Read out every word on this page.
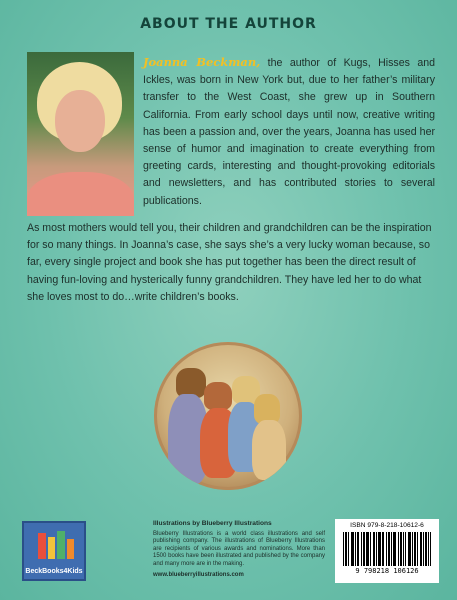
ABOUT THE AUTHOR

Joanna Beckman, the author of Kugs, Hisses and Ickles, was born in New York but, due to her father’s military transfer to the West Coast, she grew up in Southern California. From early school days until now, creative writing has been a passion and, over the years, Joanna has used her sense of humor and imagination to create everything from greeting cards, interesting and thought-provoking editorials and newsletters, and has contributed stories to several publications.

As most mothers would tell you, their children and grandchildren can be the inspiration for so many things. In Joanna’s case, she says she’s a very lucky woman because, so far, every single project and book she has put together has been the direct result of having fun-loving and hysterically funny grandchildren. They have led her to do what she loves most to do…write children’s books.

BeckBooks4Kids
Illustrations by Blueberry Illustrations
Blueberry Illustrations is a world class illustrations and self publishing company. The illustrations of Blueberry Illustrations are recipients of various awards and nominations. More than 1500 books have been illustrated and published by the company and many more are in the making.
www.blueberryillustrations.com
ISBN 979-8-218-10612-6
9 798218 106126
